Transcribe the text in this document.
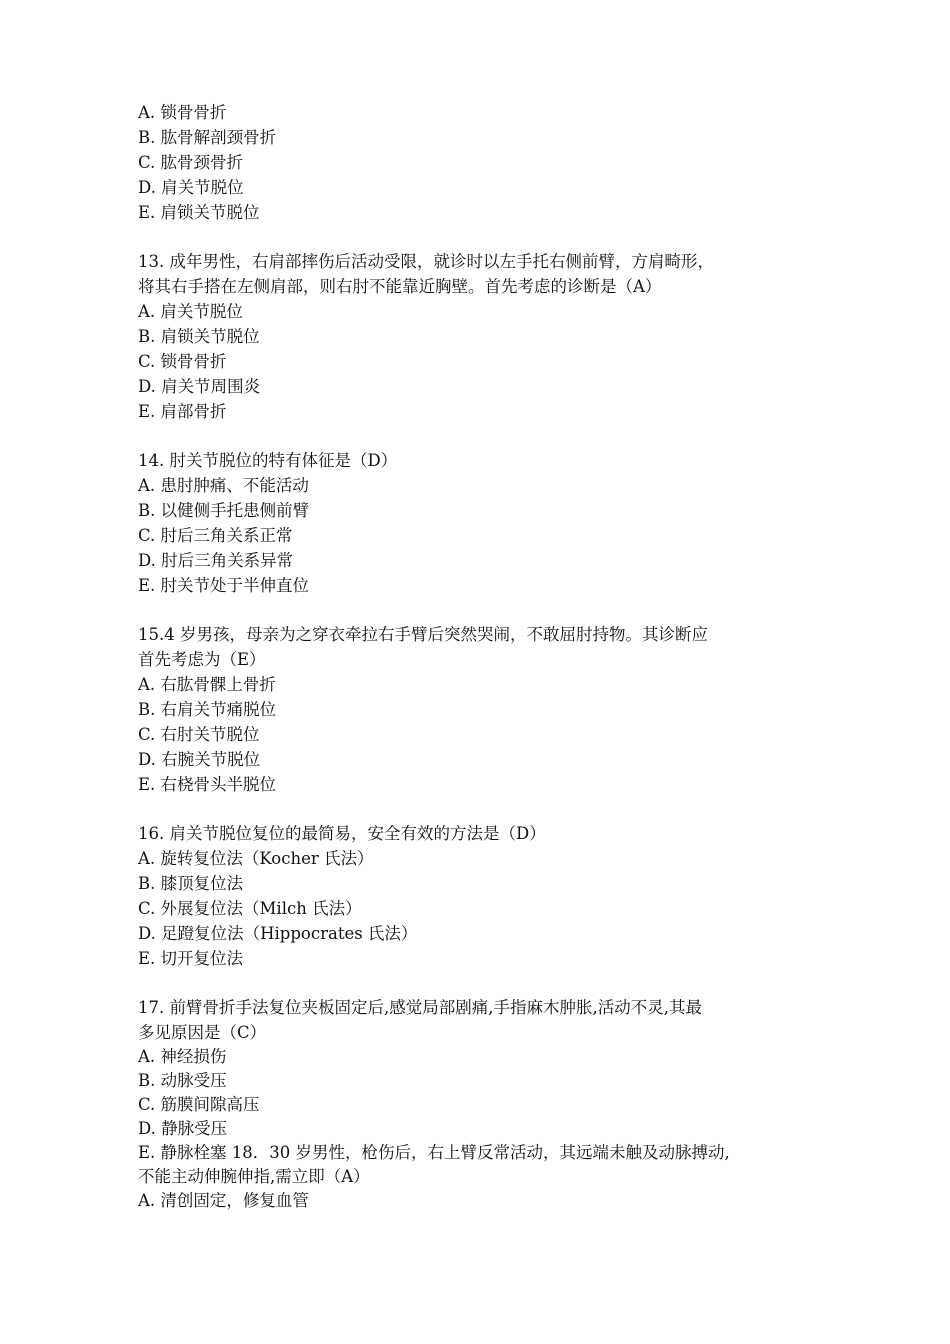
A. 锁骨骨折
B. 肱骨解剖颈骨折
C. 肱骨颈骨折
D. 肩关节脱位
E. 肩锁关节脱位
13. 成年男性，右肩部摔伤后活动受限，就诊时以左手托右侧前臂，方肩畸形，
将其右手搭在左侧肩部，则右肘不能靠近胸壁。首先考虑的诊断是（A）
A. 肩关节脱位
B. 肩锁关节脱位
C. 锁骨骨折
D. 肩关节周围炎
E. 肩部骨折
14. 肘关节脱位的特有体征是（D）
A. 患肘肿痛、不能活动
B. 以健侧手托患侧前臂
C. 肘后三角关系正常
D. 肘后三角关系异常
E. 肘关节处于半伸直位
15.4 岁男孩，母亲为之穿衣牵拉右手臂后突然哭闹，不敢屈肘持物。其诊断应
首先考虑为（E）
A. 右肱骨髁上骨折
B. 右肩关节痛脱位
C. 右肘关节脱位
D. 右腕关节脱位
E. 右桡骨头半脱位
16. 肩关节脱位复位的最简易，安全有效的方法是（D）
A. 旋转复位法（Kocher 氏法）
B. 膝顶复位法
C. 外展复位法（Milch 氏法）
D. 足蹬复位法（Hippocrates 氏法）
E. 切开复位法
17. 前臂骨折手法复位夹板固定后,感觉局部剧痛,手指麻木肿胀,活动不灵,其最
多见原因是（C）
A. 神经损伤
B. 动脉受压
C. 筋膜间隙高压
D. 静脉受压
E. 静脉栓塞 18．30 岁男性，枪伤后，右上臂反常活动，其远端未触及动脉搏动,
不能主动伸腕伸指,需立即（A）
A. 清创固定，修复血管
